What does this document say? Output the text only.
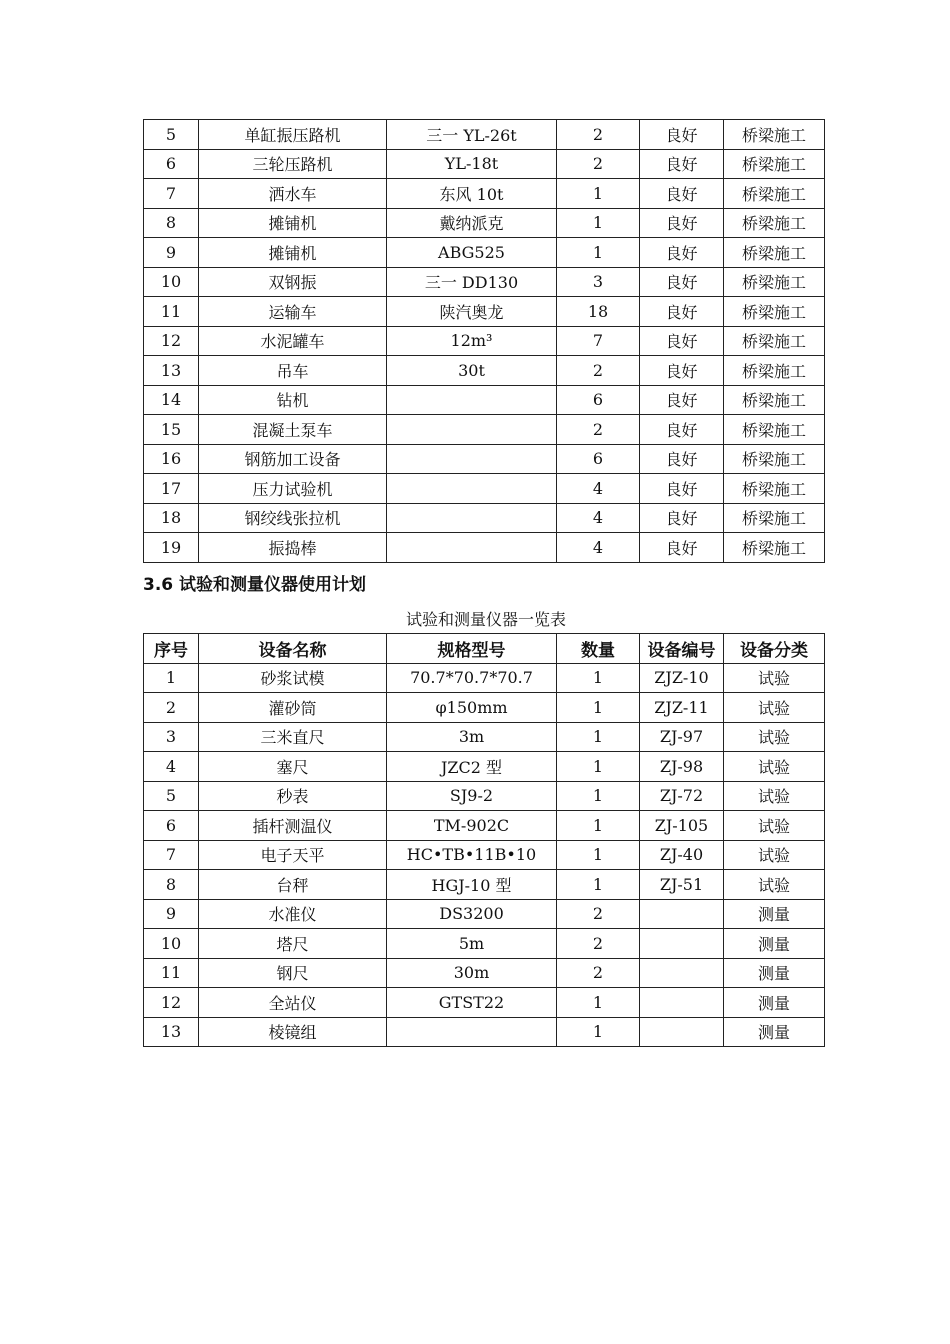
5	单缸振压路机	三一 YL-26t	2	良好	桥梁施工
6	三轮压路机	YL-18t	2	良好	桥梁施工
7	洒水车	东风 10t	1	良好	桥梁施工
8	摊铺机	戴纳派克	1	良好	桥梁施工
9	摊铺机	ABG525	1	良好	桥梁施工
10	双钢振	三一 DD130	3	良好	桥梁施工
11	运输车	陕汽奥龙	18	良好	桥梁施工
12	水泥罐车	12m³	7	良好	桥梁施工
13	吊车	30t	2	良好	桥梁施工
14	钻机		6	良好	桥梁施工
15	混凝土泵车		2	良好	桥梁施工
16	钢筋加工设备		6	良好	桥梁施工
17	压力试验机		4	良好	桥梁施工
18	钢绞线张拉机		4	良好	桥梁施工
19	振捣棒		4	良好	桥梁施工
3.6 试验和测量仪器使用计划
试验和测量仪器一览表
序号	设备名称	规格型号	数量	设备编号	设备分类
1	砂浆试模	70.7*70.7*70.7	1	ZJZ-10	试验
2	灌砂筒	φ150mm	1	ZJZ-11	试验
3	三米直尺	3m	1	ZJ-97	试验
4	塞尺	JZC2 型	1	ZJ-98	试验
5	秒表	SJ9-2	1	ZJ-72	试验
6	插杆测温仪	TM-902C	1	ZJ-105	试验
7	电子天平	HC•TB•11B•10	1	ZJ-40	试验
8	台秤	HGJ-10 型	1	ZJ-51	试验
9	水准仪	DS3200	2		测量
10	塔尺	5m	2		测量
11	钢尺	30m	2		测量
12	全站仪	GTST22	1		测量
13	棱镜组		1		测量
